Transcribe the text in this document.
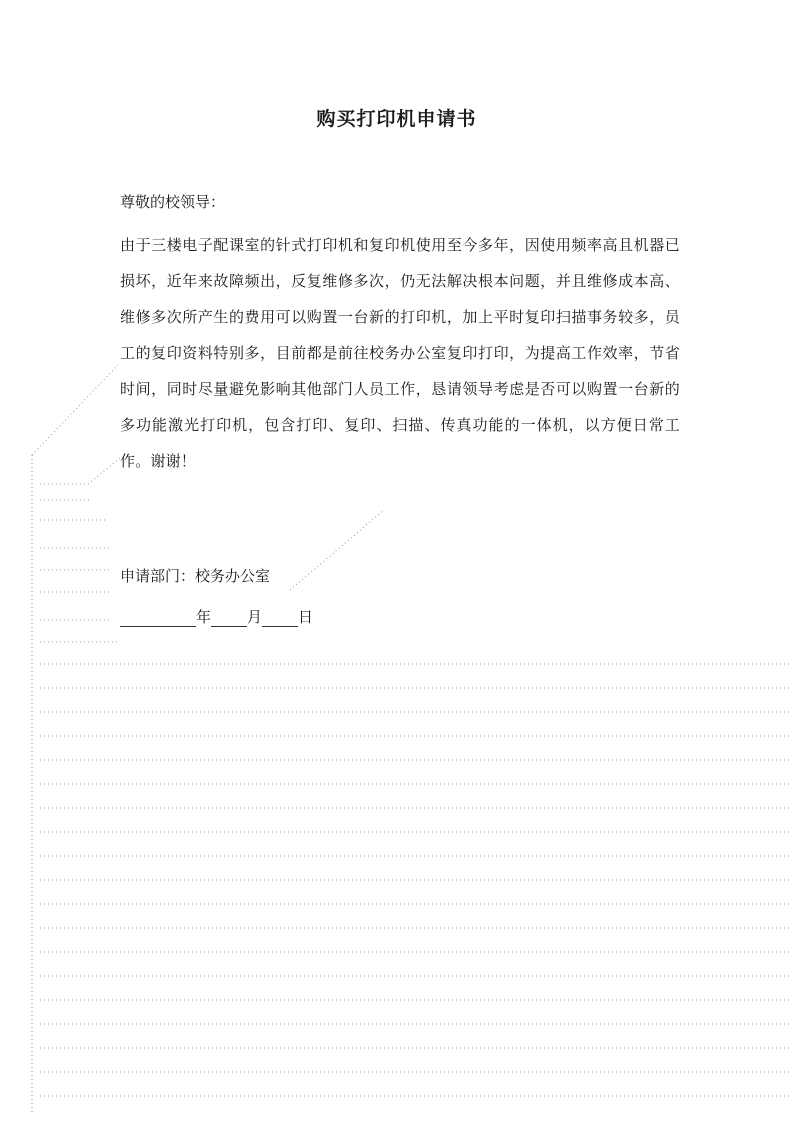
购买打印机申请书
尊敬的校领导：
由于三楼电子配课室的针式打印机和复印机使用至今多年，因使用频率高且机器已损坏，近年来故障频出，反复维修多次，仍无法解决根本问题，并且维修成本高、维修多次所产生的费用可以购置一台新的打印机，加上平时复印扫描事务较多，员工的复印资料特别多，目前都是前往校务办公室复印打印，为提高工作效率，节省时间，同时尽量避免影响其他部门人员工作，恳请领导考虑是否可以购置一台新的多功能激光打印机，包含打印、复印、扫描、传真功能的一体机，以方便日常工作。谢谢！
申请部门：校务办公室
年 月 日
